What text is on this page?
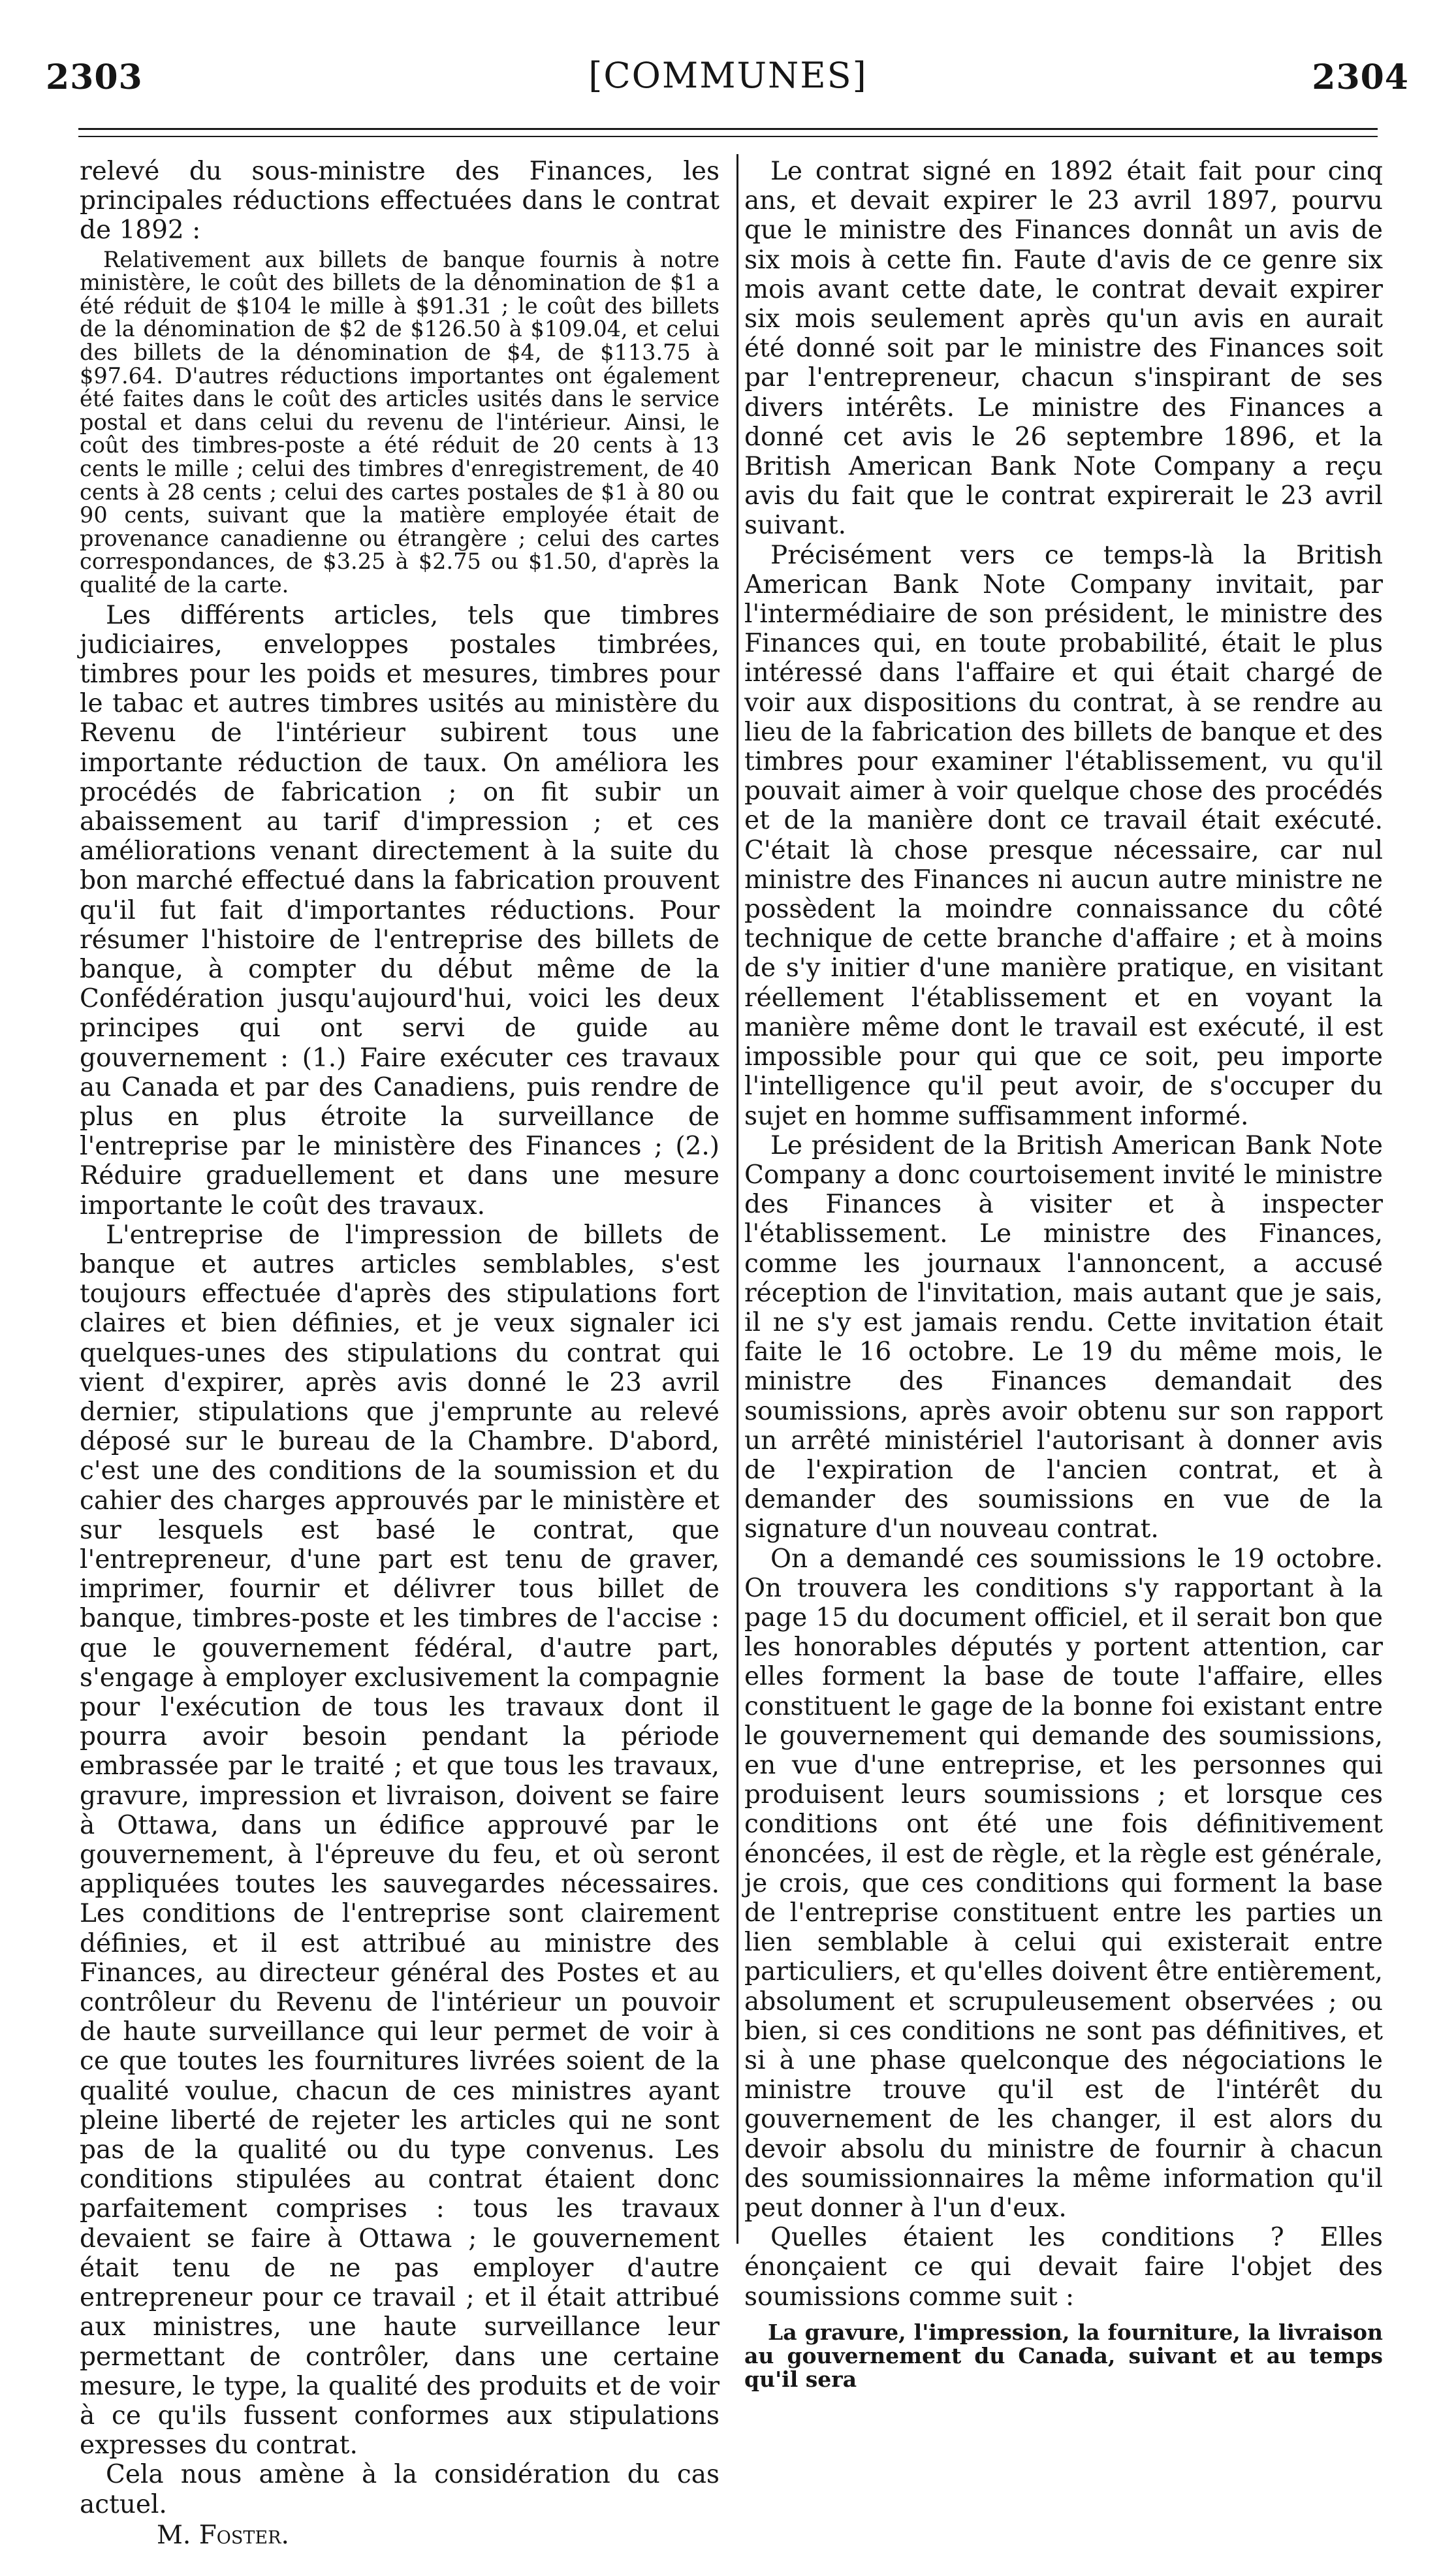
2303	[COMMUNES]	2304

relevé du sous-ministre des Finances, les principales réductions effectuées dans le contrat de 1892 :

Relativement aux billets de banque fournis à notre ministère, le coût des billets de la dénomination de $1 a été réduit de $104 le mille à $91.31 ; le coût des billets de la dénomination de $2 de $126.50 à $109.04, et celui des billets de la dénomination de $4, de $113.75 à $97.64. D'autres réductions importantes ont également été faites dans le coût des articles usités dans le service postal et dans celui du revenu de l'intérieur. Ainsi, le coût des timbres-poste a été réduit de 20 cents à 13 cents le mille ; celui des timbres d'enregistrement, de 40 cents à 28 cents ; celui des cartes postales de $1 à 80 ou 90 cents, suivant que la matière employée était de provenance canadienne ou étrangère ; celui des cartes correspondances, de $3.25 à $2.75 ou $1.50, d'après la qualité de la carte.

Les différents articles, tels que timbres judiciaires, enveloppes postales timbrées, timbres pour les poids et mesures, timbres pour le tabac et autres timbres usités au ministère du Revenu de l'intérieur subirent tous une importante réduction de taux. On améliora les procédés de fabrication ; on fit subir un abaissement au tarif d'impression ; et ces améliorations venant directement à la suite du bon marché effectué dans la fabrication prouvent qu'il fut fait d'importantes réductions. Pour résumer l'histoire de l'entreprise des billets de banque, à compter du début même de la Confédération jusqu'aujourd'hui, voici les deux principes qui ont servi de guide au gouvernement : (1.) Faire exécuter ces travaux au Canada et par des Canadiens, puis rendre de plus en plus étroite la surveillance de l'entreprise par le ministère des Finances ; (2.) Réduire graduellement et dans une mesure importante le coût des travaux.

L'entreprise de l'impression de billets de banque et autres articles semblables, s'est toujours effectuée d'après des stipulations fort claires et bien définies, et je veux signaler ici quelques-unes des stipulations du contrat qui vient d'expirer, après avis donné le 23 avril dernier, stipulations que j'emprunte au relevé déposé sur le bureau de la Chambre. D'abord, c'est une des conditions de la soumission et du cahier des charges approuvés par le ministère et sur lesquels est basé le contrat, que l'entrepreneur, d'une part est tenu de graver, imprimer, fournir et délivrer tous billet de banque, timbres-poste et les timbres de l'accise : que le gouvernement fédéral, d'autre part, s'engage à employer exclusivement la compagnie pour l'exécution de tous les travaux dont il pourra avoir besoin pendant la période embrassée par le traité ; et que tous les travaux, gravure, impression et livraison, doivent se faire à Ottawa, dans un édifice approuvé par le gouvernement, à l'épreuve du feu, et où seront appliquées toutes les sauvegardes nécessaires. Les conditions de l'entreprise sont clairement définies, et il est attribué au ministre des Finances, au directeur général des Postes et au contrôleur du Revenu de l'intérieur un pouvoir de haute surveillance qui leur permet de voir à ce que toutes les fournitures livrées soient de la qualité voulue, chacun de ces ministres ayant pleine liberté de rejeter les articles qui ne sont pas de la qualité ou du type convenus. Les conditions stipulées au contrat étaient donc parfaitement comprises : tous les travaux devaient se faire à Ottawa ; le gouvernement était tenu de ne pas employer d'autre entrepreneur pour ce travail ; et il était attribué aux ministres, une haute surveillance leur permettant de contrôler, dans une certaine mesure, le type, la qualité des produits et de voir à ce qu'ils fussent conformes aux stipulations expresses du contrat.

Cela nous amène à la considération du cas actuel.

M. Foster.

Le contrat signé en 1892 était fait pour cinq ans, et devait expirer le 23 avril 1897, pourvu que le ministre des Finances donnât un avis de six mois à cette fin. Faute d'avis de ce genre six mois avant cette date, le contrat devait expirer six mois seulement après qu'un avis en aurait été donné soit par le ministre des Finances soit par l'entrepreneur, chacun s'inspirant de ses divers intérêts. Le ministre des Finances a donné cet avis le 26 septembre 1896, et la British American Bank Note Company a reçu avis du fait que le contrat expirerait le 23 avril suivant.

Précisément vers ce temps-là la British American Bank Note Company invitait, par l'intermédiaire de son président, le ministre des Finances qui, en toute probabilité, était le plus intéressé dans l'affaire et qui était chargé de voir aux dispositions du contrat, à se rendre au lieu de la fabrication des billets de banque et des timbres pour examiner l'établissement, vu qu'il pouvait aimer à voir quelque chose des procédés et de la manière dont ce travail était exécuté. C'était là chose presque nécessaire, car nul ministre des Finances ni aucun autre ministre ne possèdent la moindre connaissance du côté technique de cette branche d'affaire ; et à moins de s'y initier d'une manière pratique, en visitant réellement l'établissement et en voyant la manière même dont le travail est exécuté, il est impossible pour qui que ce soit, peu importe l'intelligence qu'il peut avoir, de s'occuper du sujet en homme suffisamment informé.

Le président de la British American Bank Note Company a donc courtoisement invité le ministre des Finances à visiter et à inspecter l'établissement. Le ministre des Finances, comme les journaux l'annoncent, a accusé réception de l'invitation, mais autant que je sais, il ne s'y est jamais rendu. Cette invitation était faite le 16 octobre. Le 19 du même mois, le ministre des Finances demandait des soumissions, après avoir obtenu sur son rapport un arrêté ministériel l'autorisant à donner avis de l'expiration de l'ancien contrat, et à demander des soumissions en vue de la signature d'un nouveau contrat.

On a demandé ces soumissions le 19 octobre. On trouvera les conditions s'y rapportant à la page 15 du document officiel, et il serait bon que les honorables députés y portent attention, car elles forment la base de toute l'affaire, elles constituent le gage de la bonne foi existant entre le gouvernement qui demande des soumissions, en vue d'une entreprise, et les personnes qui produisent leurs soumissions ; et lorsque ces conditions ont été une fois définitivement énoncées, il est de règle, et la règle est générale, je crois, que ces conditions qui forment la base de l'entreprise constituent entre les parties un lien semblable à celui qui existerait entre particuliers, et qu'elles doivent être entièrement, absolument et scrupuleusement observées ; ou bien, si ces conditions ne sont pas définitives, et si à une phase quelconque des négociations le ministre trouve qu'il est de l'intérêt du gouvernement de les changer, il est alors du devoir absolu du ministre de fournir à chacun des soumissionnaires la même information qu'il peut donner à l'un d'eux.

Quelles étaient les conditions ? Elles énonçaient ce qui devait faire l'objet des soumissions comme suit :

La gravure, l'impression, la fourniture, la livraison au gouvernement du Canada, suivant et au temps qu'il sera
